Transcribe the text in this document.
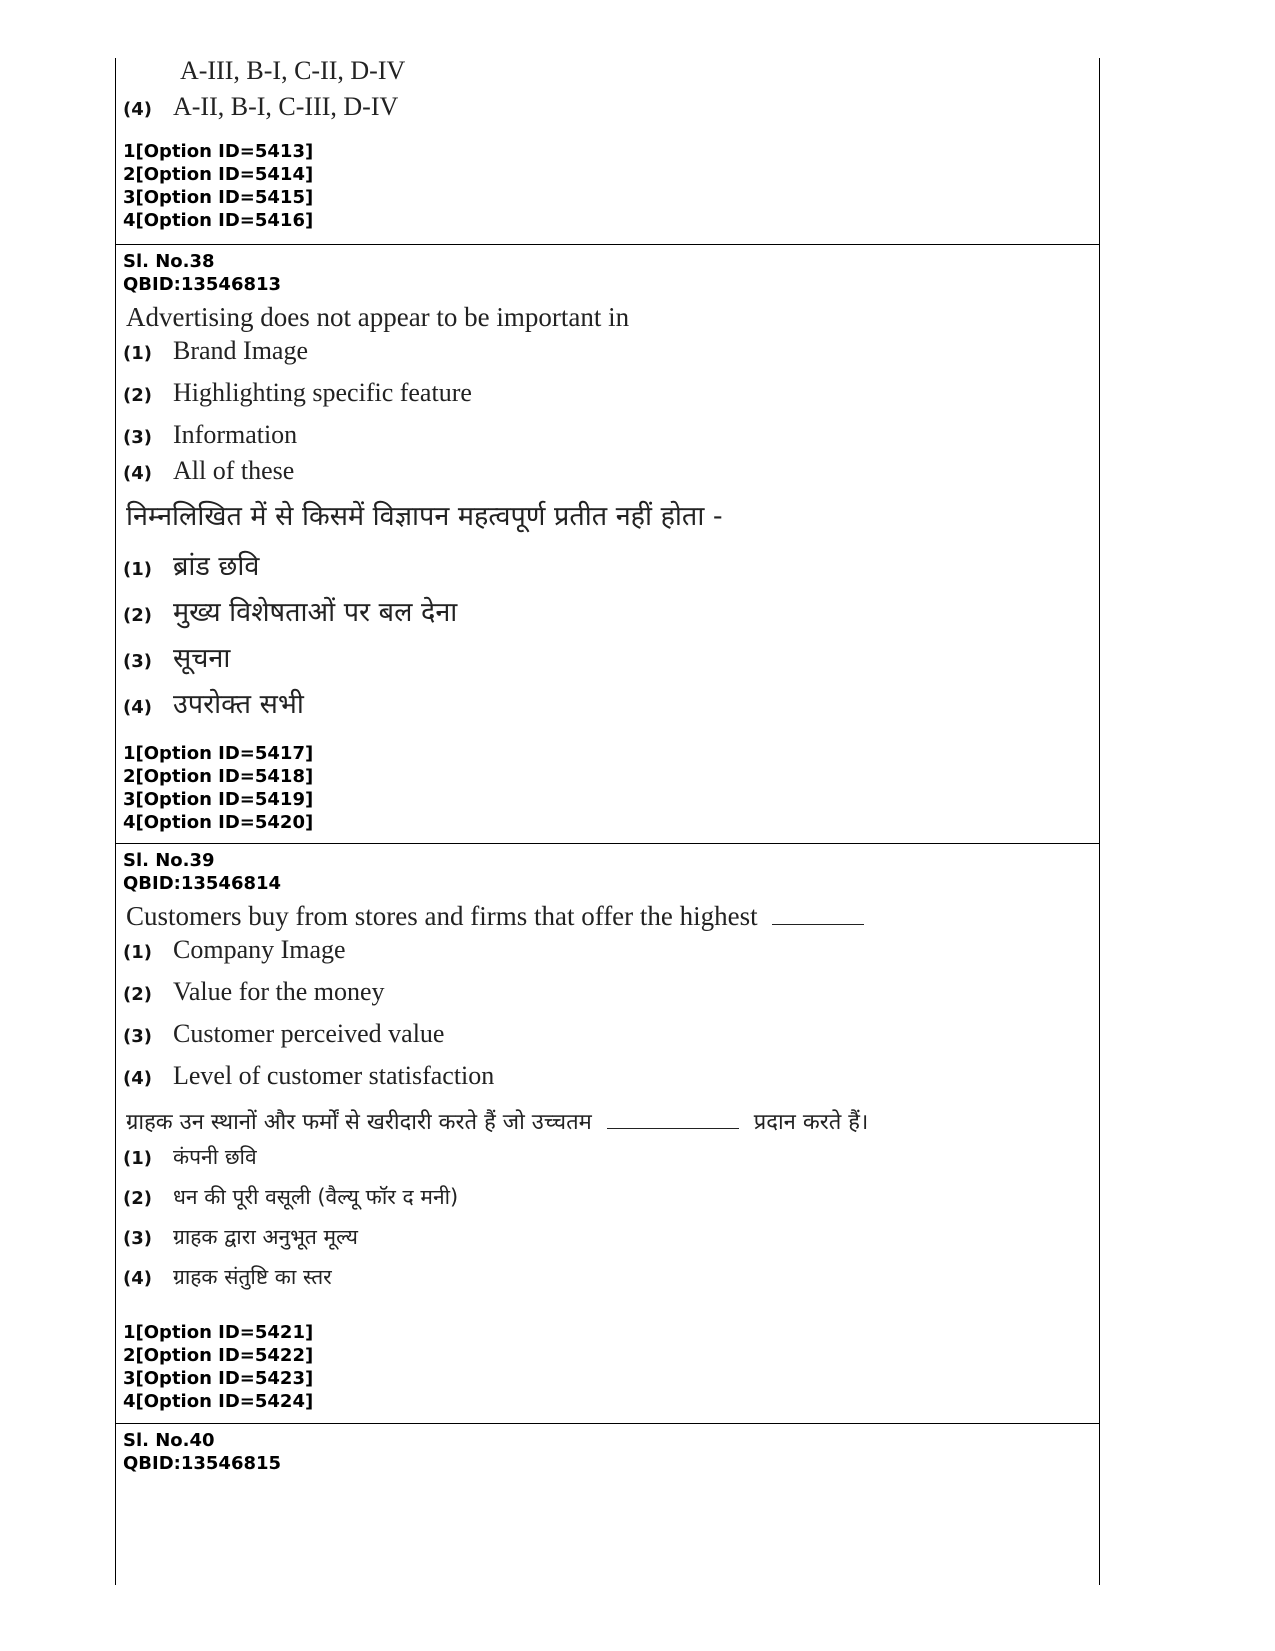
A-III, B-I, C-II, D-IV
(4) A-II, B-I, C-III, D-IV
1[Option ID=5413]
2[Option ID=5414]
3[Option ID=5415]
4[Option ID=5416]
Sl. No.38
QBID:13546813
Advertising does not appear to be important in
(1) Brand Image
(2) Highlighting specific feature
(3) Information
(4) All of these
निम्नलिखित में से किसमें विज्ञापन महत्वपूर्ण प्रतीत नहीं होता -
(1) ब्रांड छवि
(2) मुख्य विशेषताओं पर बल देना
(3) सूचना
(4) उपरोक्त सभी
1[Option ID=5417]
2[Option ID=5418]
3[Option ID=5419]
4[Option ID=5420]
Sl. No.39
QBID:13546814
Customers buy from stores and firms that offer the highest
(1) Company Image
(2) Value for the money
(3) Customer perceived value
(4) Level of customer statisfaction
ग्राहक उन स्थानों और फर्मों से खरीदारी करते हैं जो उच्चतम	प्रदान करते हैं।
(1)	कंपनी छवि
(2)	धन की पूरी वसूली (वैल्यू फॉर द मनी)
(3)	ग्राहक द्वारा अनुभूत मूल्य
(4)	ग्राहक संतुष्टि का स्तर
1[Option ID=5421]
2[Option ID=5422]
3[Option ID=5423]
4[Option ID=5424]
Sl. No.40
QBID:13546815
